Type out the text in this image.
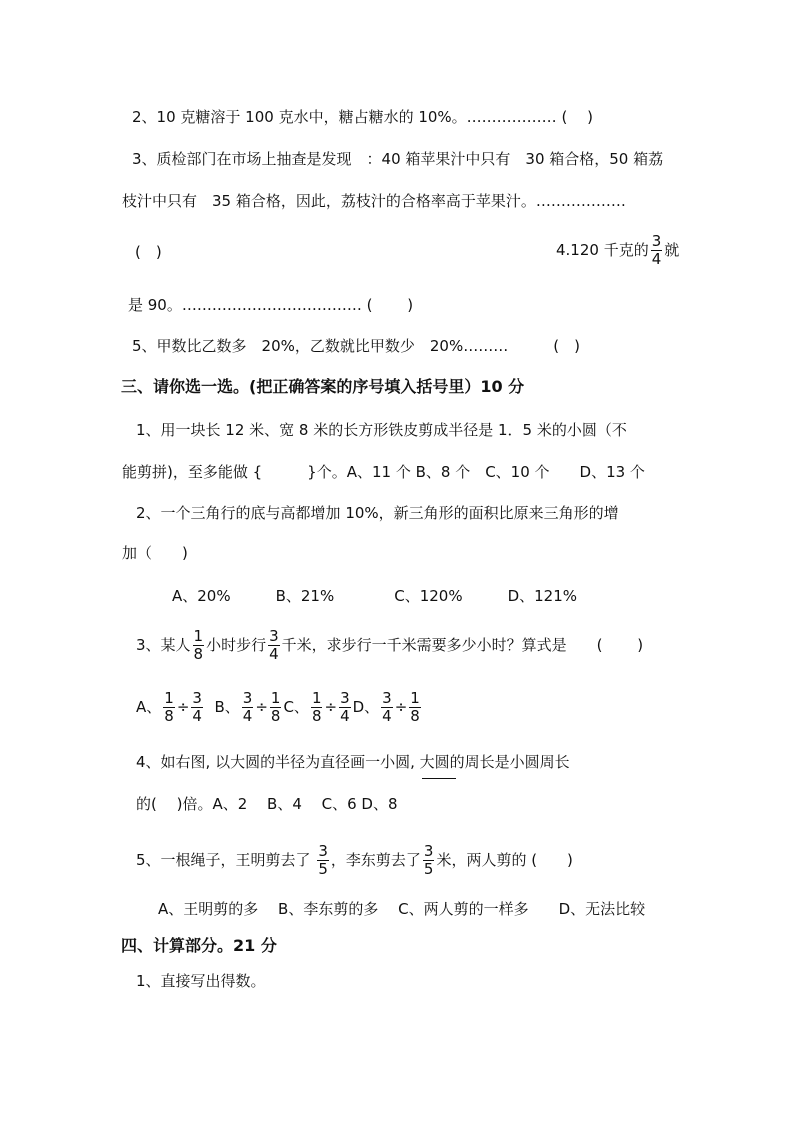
2、10 克糖溶于 100 克水中，糖占糖水的 10%。……………… (　 )
3、质检部门在市场上抽查是发现　：40 箱苹果汁中只有　30 箱合格，50 箱荔
枝汁中只有　35 箱合格，因此，荔枝汁的合格率高于苹果汁。………………
(　)	4.120 千克的 $\frac{3}{4}$ 就
是 90。……………………………… (　 　)
5、甲数比乙数多　20%，乙数就比甲数少　20%………　　　(　)
三、请你选一选。(把正确答案的序号填入括号里）10 分
1、用一块长 12 米、宽 8 米的长方形铁皮剪成半径是 1．5 米的小圆（不
能剪拼)，至多能做 {　　　}个。A、11 个 B、8 个　C、10 个　　D、13 个
2、一个三角行的底与高都增加 10%，新三角形的面积比原来三角形的增
加（　　)
A、20%　　　B、21%　　　　C、120%　　　D、121%
3、某人 $\frac{1}{8}$ 小时步行 $\frac{3}{4}$ 千米，求步行一千米需要多少小时？算式是　　(　　 )
A、 $\frac{1}{8} \div \frac{3}{4}$ B、 $\frac{3}{4} \div \frac{1}{8}$ C、 $\frac{1}{8} \div \frac{3}{4}$ D、 $\frac{3}{4} \div \frac{1}{8}$
4、如右图, 以大圆的半径为直径画一小圆, 大圆的周长是小圆周长
的(　 )倍。A、2　 B、4　 C、6 D、8
5、一根绳子，王明剪去了 $\frac{3}{5}$ ，李东剪去了 $\frac{3}{5}$ 米，两人剪的 (　　)
A、王明剪的多　 B、李东剪的多　 C、两人剪的一样多　　D、无法比较
四、计算部分。21 分
1、直接写出得数。
